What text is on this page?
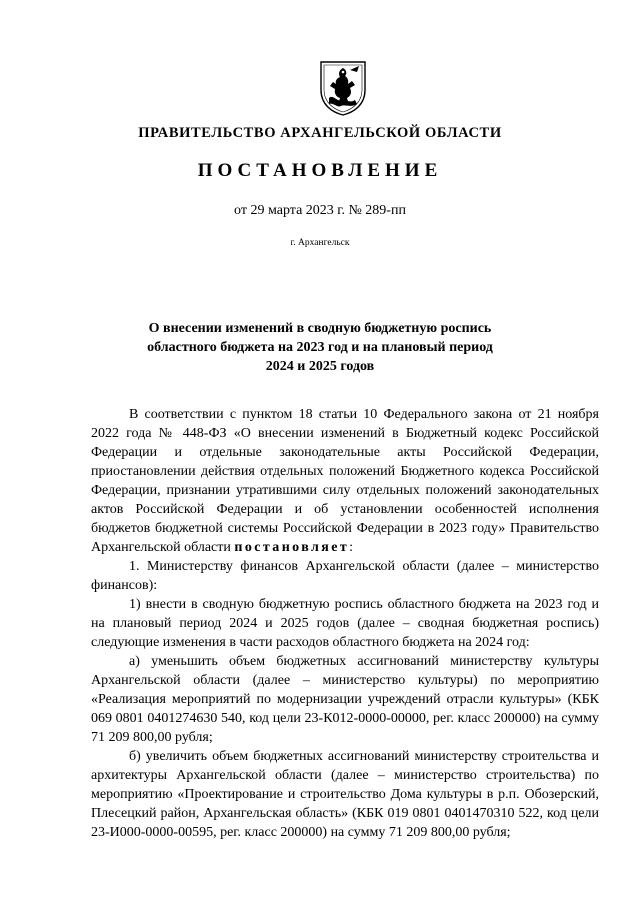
ПРАВИТЕЛЬСТВО АРХАНГЕЛЬСКОЙ ОБЛАСТИ
ПОСТАНОВЛЕНИЕ
от 29 марта 2023 г. № 289-пп
г. Архангельск
О внесении изменений в сводную бюджетную роспись
областного бюджета на 2023 год и на плановый период
2024 и 2025 годов

В соответствии с пунктом 18 статьи 10 Федерального закона от 21 ноября 2022 года № 448-ФЗ «О внесении изменений в Бюджетный кодекс Российской Федерации и отдельные законодательные акты Российской Федерации, приостановлении действия отдельных положений Бюджетного кодекса Российской Федерации, признании утратившими силу отдельных положений законодательных актов Российской Федерации и об установлении особенностей исполнения бюджетов бюджетной системы Российской Федерации в 2023 году» Правительство Архангельской области постановляет:

1. Министерству финансов Архангельской области (далее – министерство финансов):

1) внести в сводную бюджетную роспись областного бюджета на 2023 год и на плановый период 2024 и 2025 годов (далее – сводная бюджетная роспись) следующие изменения в части расходов областного бюджета на 2024 год:

а) уменьшить объем бюджетных ассигнований министерству культуры Архангельской области (далее – министерство культуры) по мероприятию «Реализация мероприятий по модернизации учреждений отрасли культуры» (КБК 069 0801 0401274630 540, код цели 23-К012-0000-00000, рег. класс 200000) на сумму 71 209 800,00 рубля;

б) увеличить объем бюджетных ассигнований министерству строительства и архитектуры Архангельской области (далее – министерство строительства) по мероприятию «Проектирование и строительство Дома культуры в р.п. Обозерский, Плесецкий район, Архангельская область» (КБК 019 0801 0401470310 522, код цели 23-И000-0000-00595, рег. класс 200000) на сумму 71 209 800,00 рубля;
